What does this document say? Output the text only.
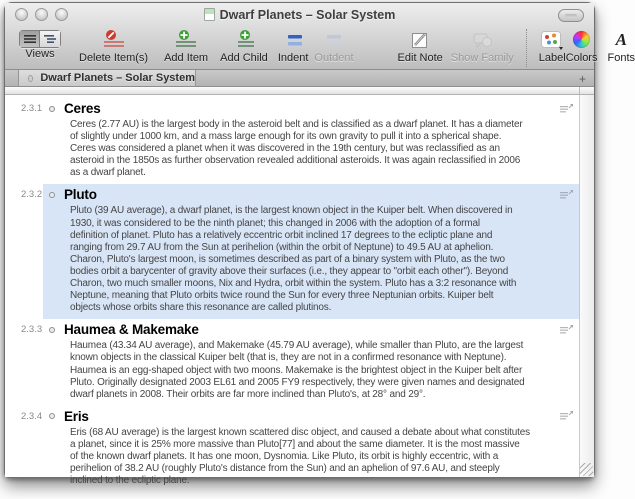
Dwarf Planets – Solar System
Views Delete Item(s) Add Item Add Child Indent Outdent	Edit Note Show Family Label Colors
A
Fonts
Dwarf Planets – Solar System	+
2.3.1 Ceres
Ceres (2.77 AU) is the largest body in the asteroid belt and is classified as a dwarf planet. It has a diameter
of slightly under 1000 km, and a mass large enough for its own gravity to pull it into a spherical shape.
Ceres was considered a planet when it was discovered in the 19th century, but was reclassified as an
asteroid in the 1850s as further observation revealed additional asteroids. It was again reclassified in 2006
as a dwarf planet.
2.3.2 Pluto
Pluto (39 AU average), a dwarf planet, is the largest known object in the Kuiper belt. When discovered in
1930, it was considered to be the ninth planet; this changed in 2006 with the adoption of a formal
definition of planet. Pluto has a relatively eccentric orbit inclined 17 degrees to the ecliptic plane and
ranging from 29.7 AU from the Sun at perihelion (within the orbit of Neptune) to 49.5 AU at aphelion.
Charon, Pluto's largest moon, is sometimes described as part of a binary system with Pluto, as the two
bodies orbit a barycenter of gravity above their surfaces (i.e., they appear to "orbit each other"). Beyond
Charon, two much smaller moons, Nix and Hydra, orbit within the system. Pluto has a 3:2 resonance with
Neptune, meaning that Pluto orbits twice round the Sun for every three Neptunian orbits. Kuiper belt
objects whose orbits share this resonance are called plutinos.
2.3.3 Haumea & Makemake
Haumea (43.34 AU average), and Makemake (45.79 AU average), while smaller than Pluto, are the largest
known objects in the classical Kuiper belt (that is, they are not in a confirmed resonance with Neptune).
Haumea is an egg-shaped object with two moons. Makemake is the brightest object in the Kuiper belt after
Pluto. Originally designated 2003 EL61 and 2005 FY9 respectively, they were given names and designated
dwarf planets in 2008. Their orbits are far more inclined than Pluto's, at 28° and 29°.
2.3.4 Eris
Eris (68 AU average) is the largest known scattered disc object, and caused a debate about what constitutes
a planet, since it is 25% more massive than Pluto[77] and about the same diameter. It is the most massive
of the known dwarf planets. It has one moon, Dysnomia. Like Pluto, its orbit is highly eccentric, with a
perihelion of 38.2 AU (roughly Pluto's distance from the Sun) and an aphelion of 97.6 AU, and steeply
inclined to the ecliptic plane.
